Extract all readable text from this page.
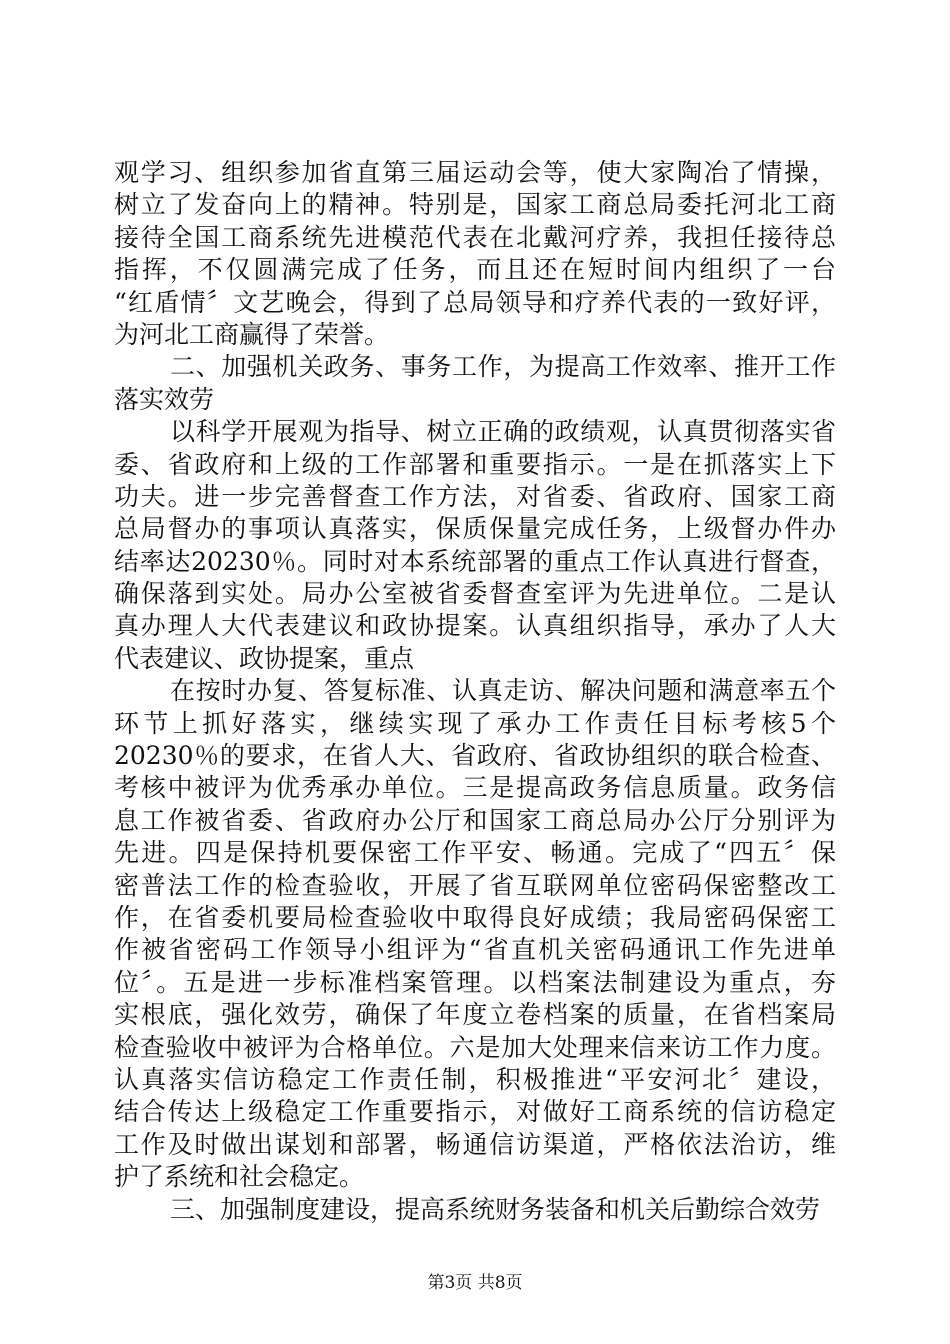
观学习、组织参加省直第三届运动会等，使大家陶冶了情操，
树立了发奋向上的精神。特别是，国家工商总局委托河北工商
接待全国工商系统先进模范代表在北戴河疗养，我担任接待总
指挥，不仅圆满完成了任务，而且还在短时间内组织了一台
“红盾情〞文艺晚会，得到了总局领导和疗养代表的一致好评，
为河北工商赢得了荣誉。
二、加强机关政务、事务工作，为提高工作效率、推开工作
落实效劳
以科学开展观为指导、树立正确的政绩观，认真贯彻落实省
委、省政府和上级的工作部署和重要指示。一是在抓落实上下
功夫。进一步完善督查工作方法，对省委、省政府、国家工商
总局督办的事项认真落实，保质保量完成任务，上级督办件办
结率达20230％。同时对本系统部署的重点工作认真进行督查，
确保落到实处。局办公室被省委督查室评为先进单位。二是认
真办理人大代表建议和政协提案。认真组织指导，承办了人大
代表建议、政协提案，重点
在按时办复、答复标准、认真走访、解决问题和满意率五个
环节上抓好落实，继续实现了承办工作责任目标考核5个
20230％的要求，在省人大、省政府、省政协组织的联合检查、
考核中被评为优秀承办单位。三是提高政务信息质量。政务信
息工作被省委、省政府办公厅和国家工商总局办公厅分别评为
先进。四是保持机要保密工作平安、畅通。完成了“四五〞保
密普法工作的检查验收，开展了省互联网单位密码保密整改工
作，在省委机要局检查验收中取得良好成绩；我局密码保密工
作被省密码工作领导小组评为“省直机关密码通讯工作先进单
位〞。五是进一步标准档案管理。以档案法制建设为重点，夯
实根底，强化效劳，确保了年度立卷档案的质量，在省档案局
检查验收中被评为合格单位。六是加大处理来信来访工作力度。
认真落实信访稳定工作责任制，积极推进“平安河北〞建设，
结合传达上级稳定工作重要指示，对做好工商系统的信访稳定
工作及时做出谋划和部署，畅通信访渠道，严格依法治访，维
护了系统和社会稳定。
三、加强制度建设，提高系统财务装备和机关后勤综合效劳
第3页 共8页
